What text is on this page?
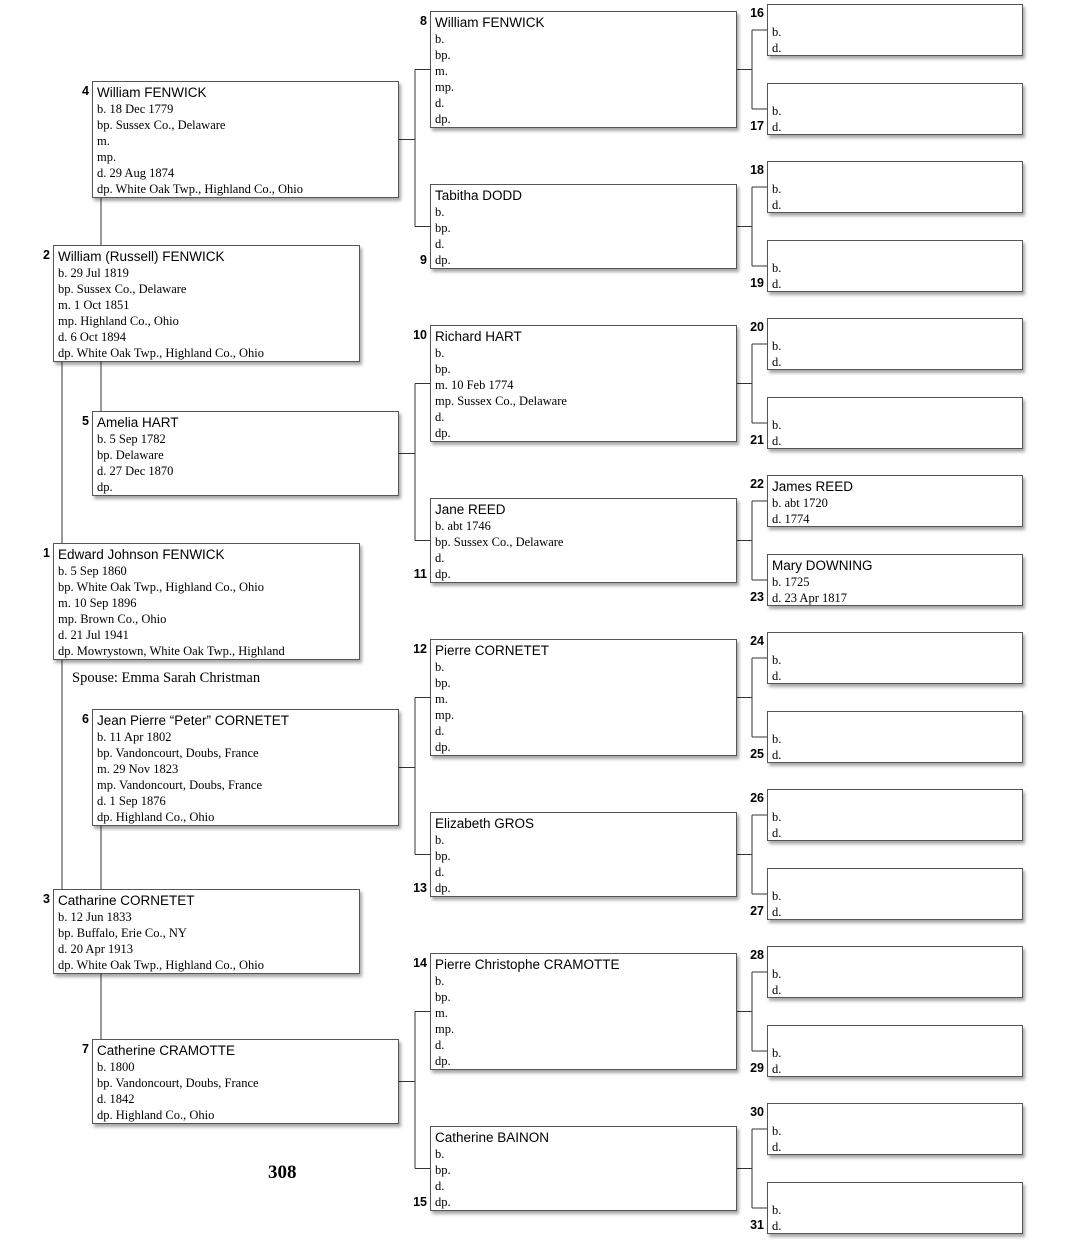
Spouse: Emma Sarah Christman
308
Edward Johnson FENWICK
b. 5 Sep 1860
bp. White Oak Twp., Highland Co., Ohio
m. 10 Sep 1896
mp. Brown Co., Ohio
d. 21 Jul 1941
dp. Mowrystown, White Oak Twp., Highland
1
William (Russell) FENWICK
b. 29 Jul 1819
bp. Sussex Co., Delaware
m. 1 Oct 1851
mp. Highland Co., Ohio
d. 6 Oct 1894
dp. White Oak Twp., Highland Co., Ohio
2
Catharine CORNETET
b. 12 Jun 1833
bp. Buffalo, Erie Co., NY
d. 20 Apr 1913
dp. White Oak Twp., Highland Co., Ohio
3
William FENWICK
b. 18 Dec 1779
bp. Sussex Co., Delaware
m.
mp.
d. 29 Aug 1874
dp. White Oak Twp., Highland Co., Ohio
4
Amelia HART
b. 5 Sep 1782
bp. Delaware
d. 27 Dec 1870
dp.
5
Jean Pierre “Peter” CORNETET
b. 11 Apr 1802
bp. Vandoncourt, Doubs, France
m. 29 Nov 1823
mp. Vandoncourt, Doubs, France
d. 1 Sep 1876
dp. Highland Co., Ohio
6
Catherine CRAMOTTE
b. 1800
bp. Vandoncourt, Doubs, France
d. 1842
dp. Highland Co., Ohio
7
William FENWICK
b.
bp.
m.
mp.
d.
dp.
8
Tabitha DODD
b.
bp.
d.
dp.
9
Richard HART
b.
bp.
m. 10 Feb 1774
mp. Sussex Co., Delaware
d.
dp.
10
Jane REED
b. abt 1746
bp. Sussex Co., Delaware
d.
dp.
11
Pierre CORNETET
b.
bp.
m.
mp.
d.
dp.
12
Elizabeth GROS
b.
bp.
d.
dp.
13
Pierre Christophe CRAMOTTE
b.
bp.
m.
mp.
d.
dp.
14
Catherine BAINON
b.
bp.
d.
dp.
15
b.
d.
16
b.
d.
17
b.
d.
18
b.
d.
19
b.
d.
20
b.
d.
21
James REED
b. abt 1720
d. 1774
22
Mary DOWNING
b. 1725
d. 23 Apr 1817
23
b.
d.
24
b.
d.
25
b.
d.
26
b.
d.
27
b.
d.
28
b.
d.
29
b.
d.
30
b.
d.
31
